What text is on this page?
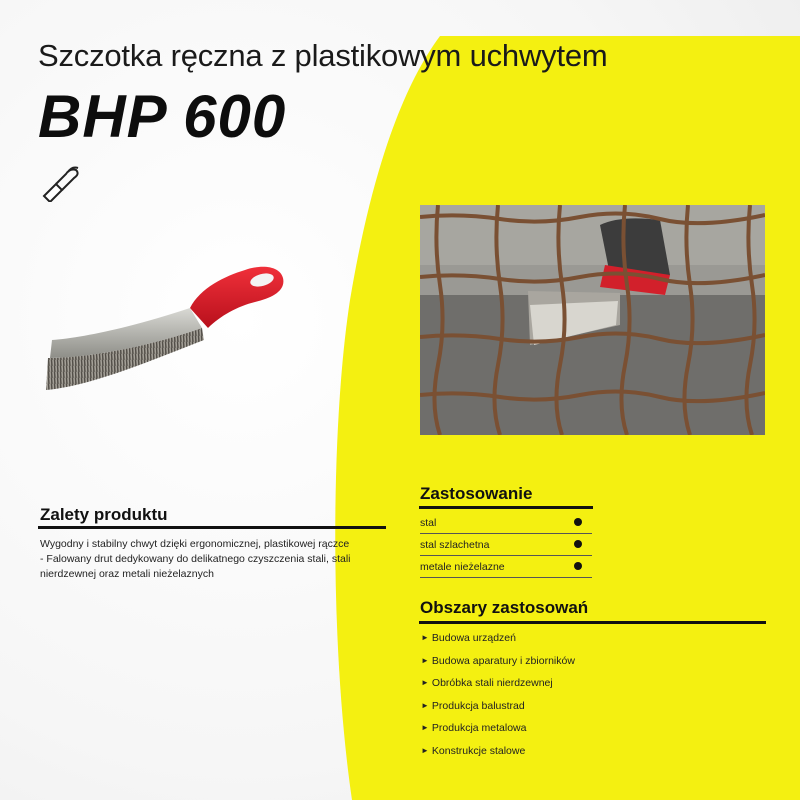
Szczotka ręczna z plastikowym uchwytem
BHP 600
Zalety produktu
Wygodny i stabilny chwyt dzięki ergonomicznej, plastikowej rączce
- Falowany drut dedykowany do delikatnego czyszczenia stali, stali
nierdzewnej oraz metali nieżelaznych
Zastosowanie
stal
stal szlachetna
metale nieżelazne
Obszary zastosowań
► Budowa urządzeń
► Budowa aparatury i zbiorników
► Obróbka stali nierdzewnej
► Produkcja balustrad
► Produkcja metalowa
► Konstrukcje stalowe
